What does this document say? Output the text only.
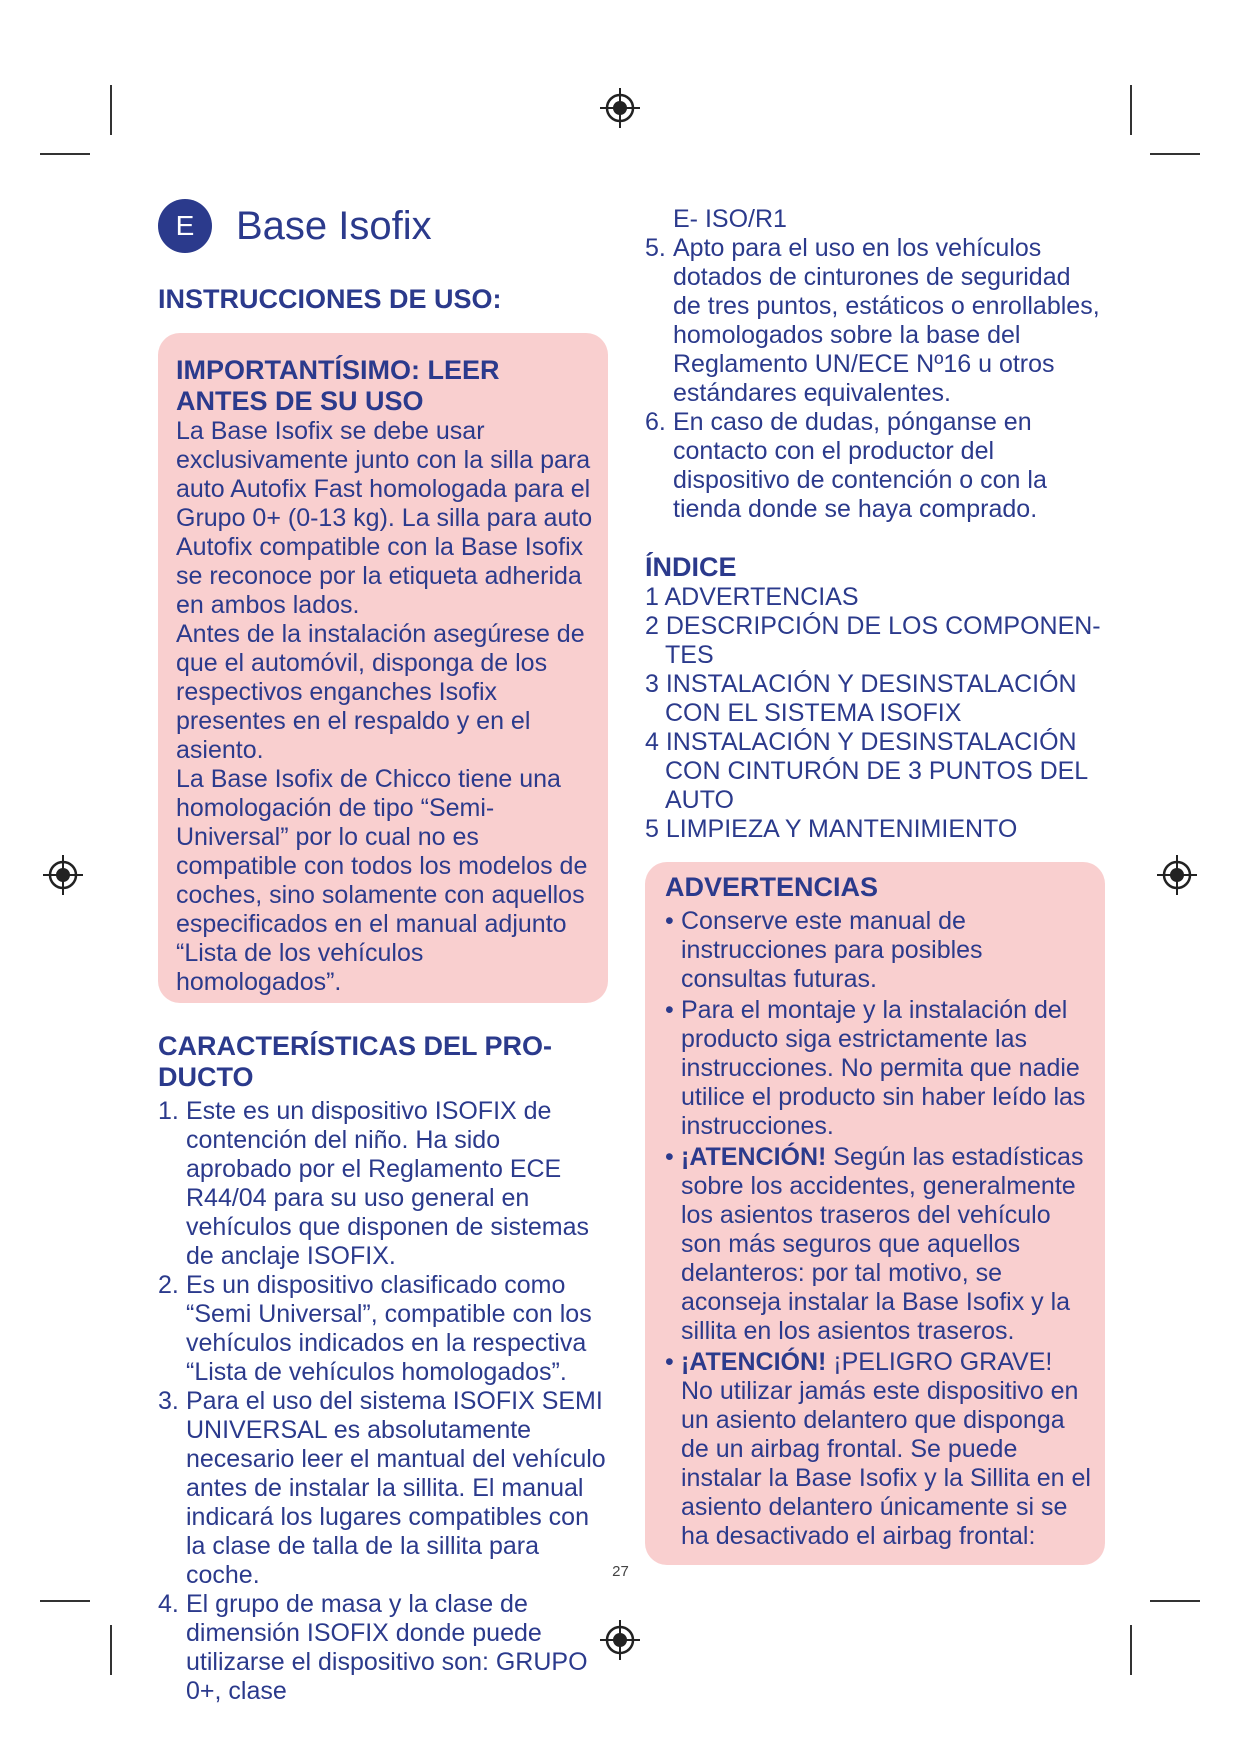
E	Base Isofix
INSTRUCCIONES DE USO:
IMPORTANTÍSIMO: LEER
ANTES DE SU USO

La Base Isofix se debe usar exclusivamente junto con la silla para auto Autofix Fast homologada para el Grupo 0+ (0-13 kg). La silla para auto Autofix compatible con la Base Isofix se reconoce por la etiqueta adherida en ambos lados.

Antes de la instalación asegúrese de que el automóvil, disponga de los respectivos enganches Isofix presentes en el respaldo y en el asiento.

La Base Isofix de Chicco tiene una homologación de tipo “Semi-Universal” por lo cual no es compatible con todos los modelos de coches, sino solamente con aquellos especificados en el manual adjunto “Lista de los vehículos homologados”.

CARACTERÍSTICAS DEL PRO-
DUCTO
1. Este es un dispositivo ISOFIX de contención del niño. Ha sido aprobado por el Reglamento ECE R44/04 para su uso general en vehículos que disponen de sistemas de anclaje ISOFIX.
2. Es un dispositivo clasificado como “Semi Universal”, compatible con los vehículos indicados en la respectiva “Lista de vehículos homologados”.
3. Para el uso del sistema ISOFIX SEMI UNIVERSAL es absolutamente necesario leer el mantual del vehículo antes de instalar la sillita. El manual indicará los lugares compatibles con la clase de talla de la sillita para coche.
4. El grupo de masa y la clase de dimensión ISOFIX donde puede utilizarse el dispositivo son: GRUPO 0+, clase
E- ISO/R1
5. Apto para el uso en los vehículos dotados de cinturones de seguridad de tres puntos, estáticos o enrollables, homologados sobre la base del Reglamento UN/ECE Nº16 u otros estándares equivalentes.
6. En caso de dudas, pónganse en contacto con el productor del dispositivo de contención o con la tienda donde se haya comprado.
ÍNDICE
1 ADVERTENCIAS
2 DESCRIPCIÓN DE LOS COMPONEN-
TES
3 INSTALACIÓN Y DESINSTALACIÓN
CON EL SISTEMA ISOFIX
4 INSTALACIÓN Y DESINSTALACIÓN
CON CINTURÓN DE 3 PUNTOS DEL AUTO
5 LIMPIEZA Y MANTENIMIENTO
ADVERTENCIAS
• Conserve este manual de instrucciones para posibles consultas futuras.
• Para el montaje y la instalación del producto siga estrictamente las instrucciones. No permita que nadie utilice el producto sin haber leído las instrucciones.
• ¡ATENCIÓN! Según las estadísticas sobre los accidentes, generalmente los asientos traseros del vehículo son más seguros que aquellos delanteros: por tal motivo, se aconseja instalar la Base Isofix y la sillita en los asientos traseros.
• ¡ATENCIÓN! ¡PELIGRO GRAVE! No utilizar jamás este dispositivo en un asiento delantero que disponga de un airbag frontal. Se puede instalar la Base Isofix y la Sillita en el asiento delantero únicamente si se ha desactivado el airbag frontal:
27
